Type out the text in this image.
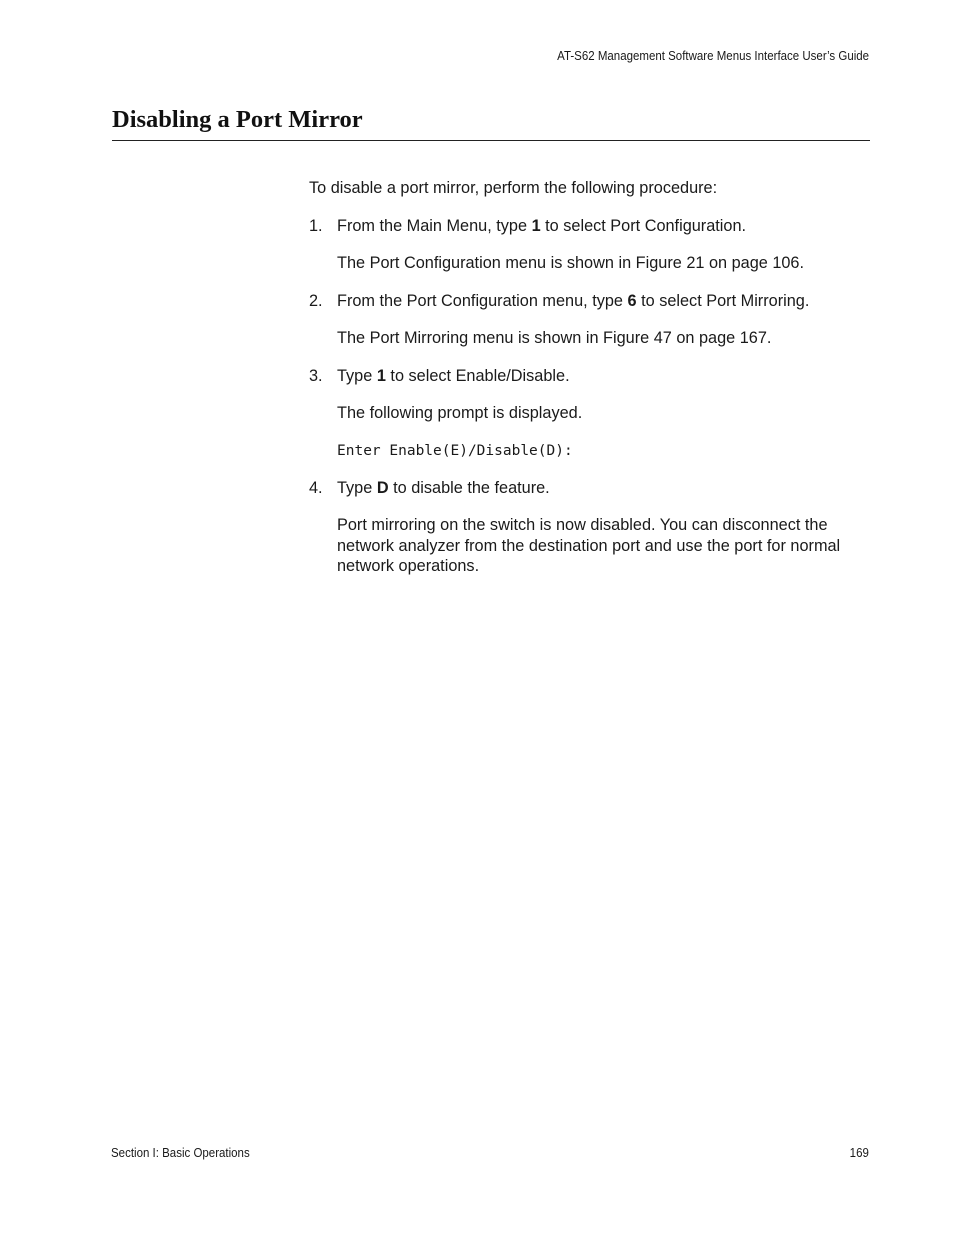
AT-S62 Management Software Menus Interface User’s Guide
Disabling a Port Mirror

To disable a port mirror, perform the following procedure:

1. From the Main Menu, type 1 to select Port Configuration.

The Port Configuration menu is shown in Figure 21 on page 106.

2. From the Port Configuration menu, type 6 to select Port Mirroring.

The Port Mirroring menu is shown in Figure 47 on page 167.

3. Type 1 to select Enable/Disable.

The following prompt is displayed.

Enter Enable(E)/Disable(D):
4. Type D to disable the feature.

Port mirroring on the switch is now disabled. You can disconnect the network analyzer from the destination port and use the port for normal network operations.

Section I: Basic Operations	169
